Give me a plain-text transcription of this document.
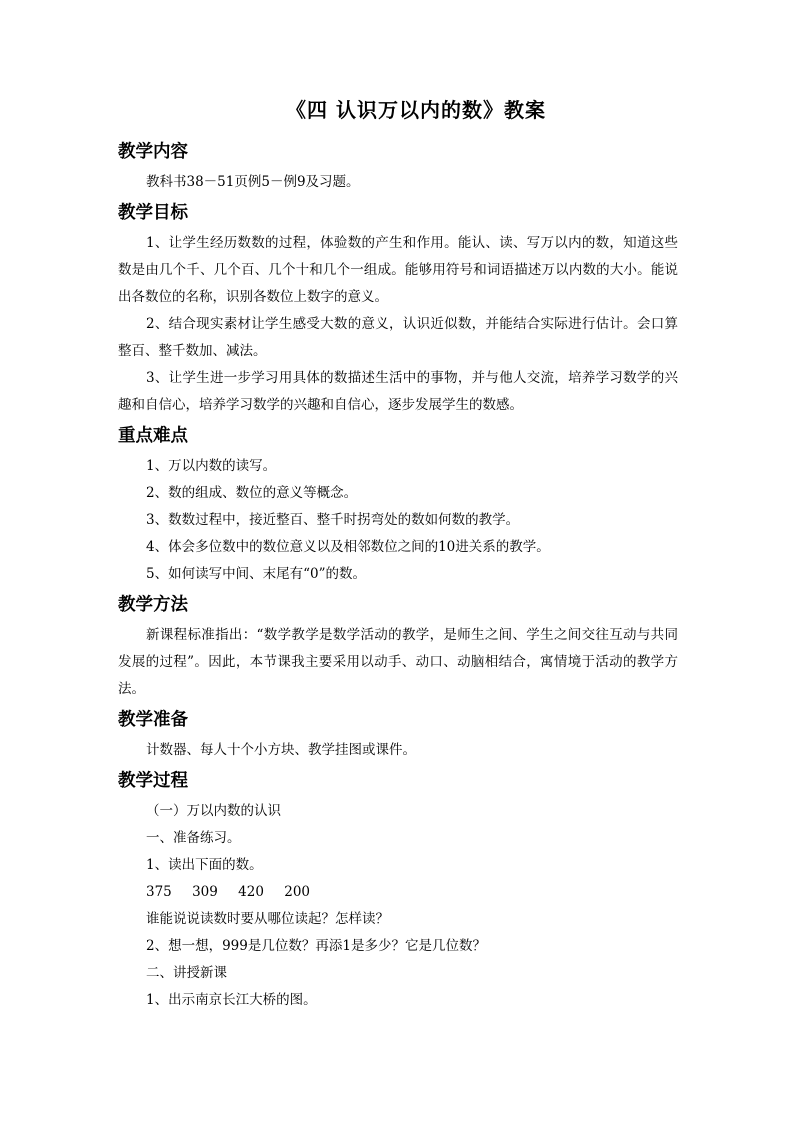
《四 认识万以内的数》教案
教学内容

教科书38－51页例5－例9及习题。

教学目标

1、让学生经历数数的过程，体验数的产生和作用。能认、读、写万以内的数，知道这些数是由几个千、几个百、几个十和几个一组成。能够用符号和词语描述万以内数的大小。能说出各数位的名称，识别各数位上数字的意义。

2、结合现实素材让学生感受大数的意义，认识近似数，并能结合实际进行估计。会口算整百、整千数加、减法。

3、让学生进一步学习用具体的数描述生活中的事物，并与他人交流，培养学习数学的兴趣和自信心，培养学习数学的兴趣和自信心，逐步发展学生的数感。

重点难点

1、万以内数的读写。

2、数的组成、数位的意义等概念。

3、数数过程中，接近整百、整千时拐弯处的数如何数的教学。

4、体会多位数中的数位意义以及相邻数位之间的10进关系的教学。

5、如何读写中间、末尾有“0”的数。

教学方法

新课程标准指出：“数学教学是数学活动的教学，是师生之间、学生之间交往互动与共同发展的过程”。因此，本节课我主要采用以动手、动口、动脑相结合，寓情境于活动的教学方法。

教学准备

计数器、每人十个小方块、教学挂图或课件。

教学过程

（一）万以内数的认识

一、准备练习。

1、读出下面的数。

375 309 420 200

谁能说说读数时要从哪位读起？怎样读？

2、想一想，999是几位数？再添1是多少？它是几位数？

二、讲授新课

1、出示南京长江大桥的图。
